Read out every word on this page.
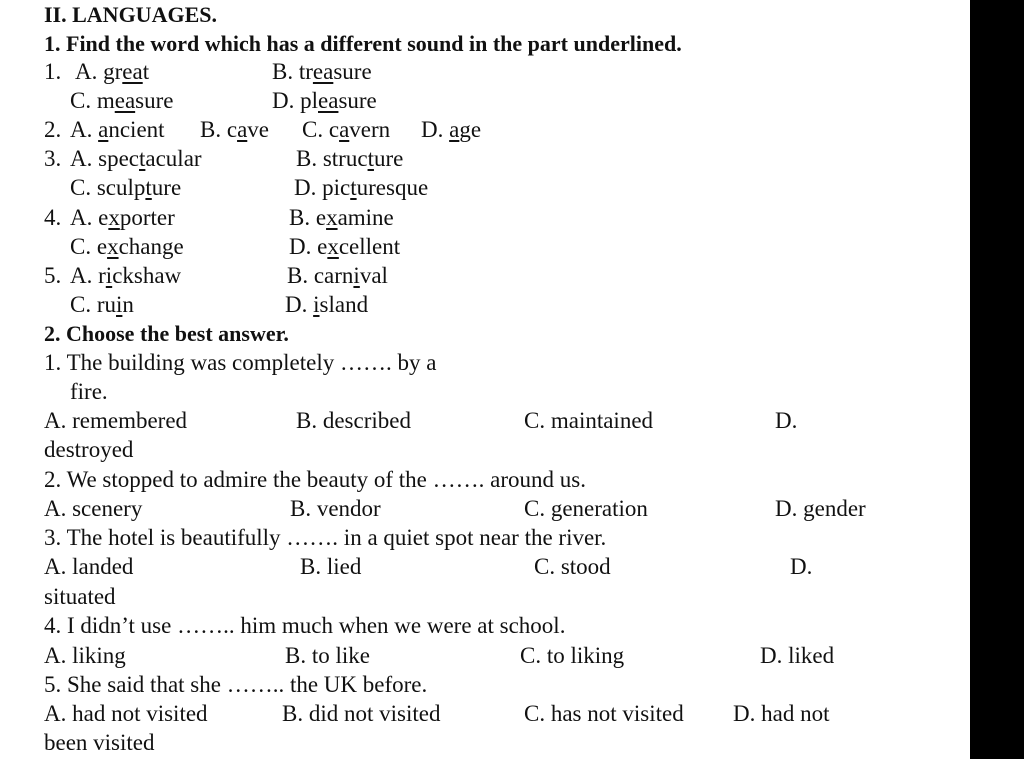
II. LANGUAGES.
1. Find the word which has a different sound in the part underlined.
1. A. great	B. treasure
C. measure	D. pleasure
2. A. ancient B. cave C. cavern D. age
3. A. spectacular	B. structure
C. sculpture	D. picturesque
4. A. exporter	B. examine
C. exchange	D. excellent
5. A. rickshaw	B. carnival
C. ruin	D. island
2. Choose the best answer.
1. The building was completely ……. by a
fire.
A. remembered	B. described	C. maintained	D.
destroyed
2. We stopped to admire the beauty of the ……. around us.
A. scenery	B. vendor	C. generation	D. gender
3. The hotel is beautifully ……. in a quiet spot near the river.
A. landed	B. lied	C. stood	D.
situated
4. I didn’t use …….. him much when we were at school.
A. liking	B. to like	C. to liking	D. liked
5. She said that she …….. the UK before.
A. had not visited	B. did not visited	C. has not visited D. had not
been visited
